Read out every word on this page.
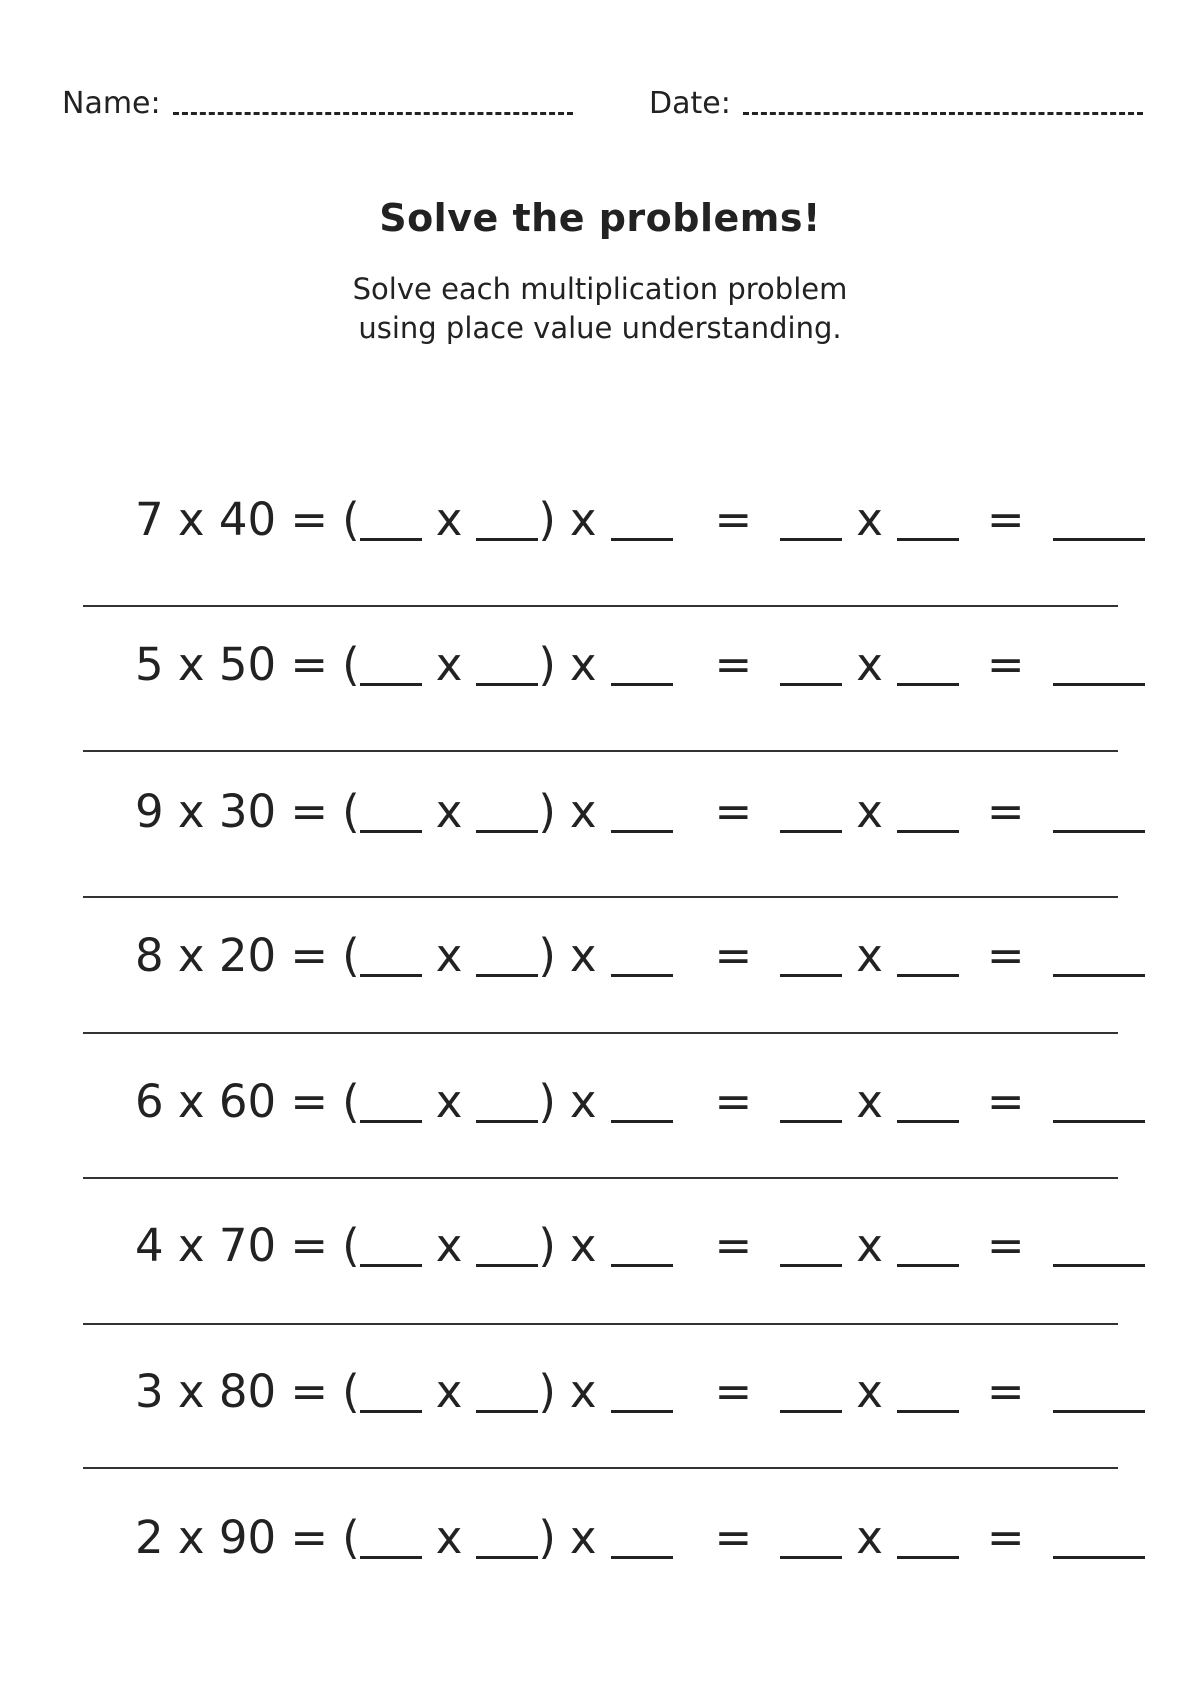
Name:	Date:
Solve the problems!
Solve each multiplication problem
using place value understanding.
7 x 40 = ( x ) x	= x =
5 x 50 = ( x ) x	= x =
9 x 30 = ( x ) x	= x =
8 x 20 = ( x ) x	= x =
6 x 60 = ( x ) x	= x =
4 x 70 = ( x ) x	= x =
3 x 80 = ( x ) x	= x =
2 x 90 = ( x ) x	= x =
